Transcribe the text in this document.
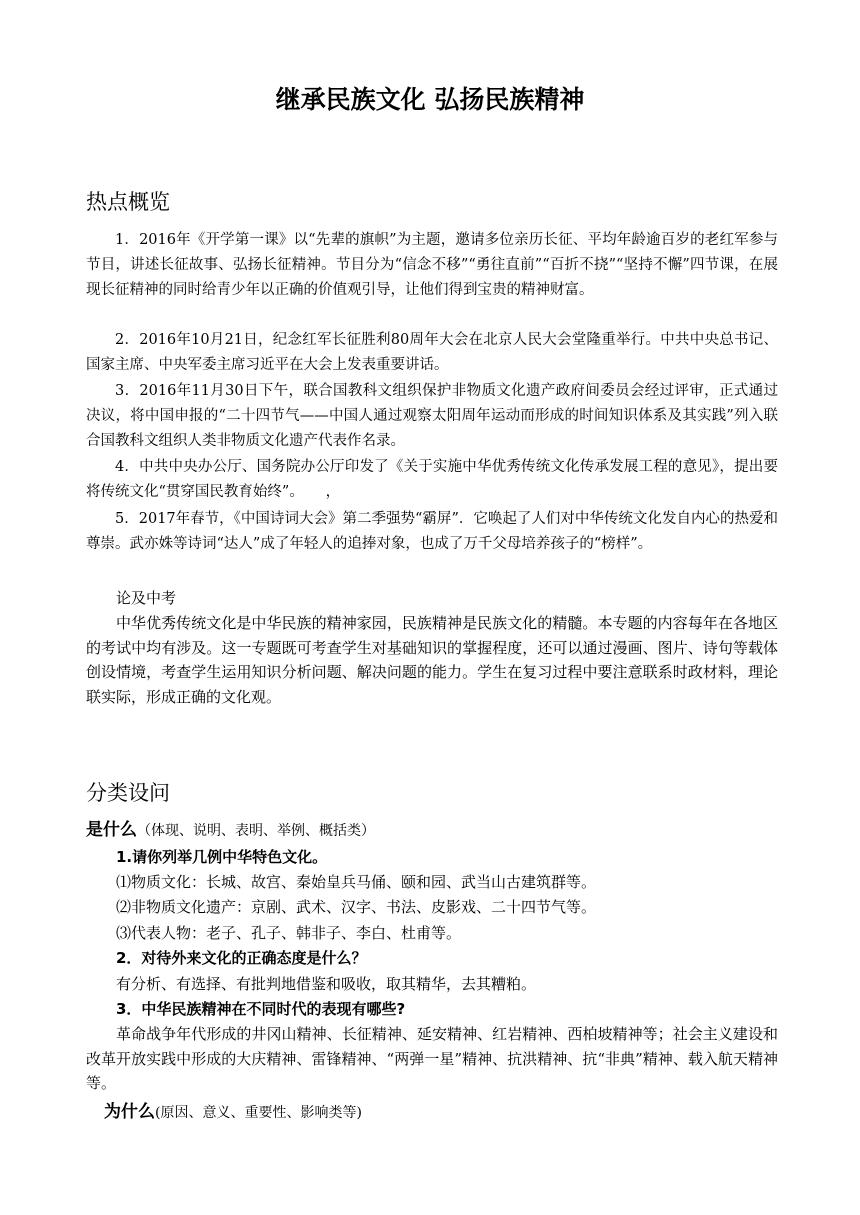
继承民族文化 弘扬民族精神
热点概览

1．2016年《开学第一课》以“先辈的旗帜”为主题，邀请多位亲历长征、平均年龄逾百岁的老红军参与节目，讲述长征故事、弘扬长征精神。节目分为“信念不移”“勇往直前”“百折不挠”“坚持不懈”四节课，在展现长征精神的同时给青少年以正确的价值观引导，让他们得到宝贵的精神财富。

2．2016年10月21日，纪念红军长征胜利80周年大会在北京人民大会堂隆重举行。中共中央总书记、国家主席、中央军委主席习近平在大会上发表重要讲话。

3．2016年11月30日下午，联合国教科文组织保护非物质文化遗产政府间委员会经过评审，正式通过决议，将中国申报的“二十四节气——中国人通过观察太阳周年运动而形成的时间知识体系及其实践”列入联合国教科文组织人类非物质文化遗产代表作名录。

4．中共中央办公厅、国务院办公厅印发了《关于实施中华优秀传统文化传承发展工程的意见》，提出要将传统文化“贯穿国民教育始终”。　　，

5．2017年春节，《中国诗词大会》第二季强势“霸屏”．它唤起了人们对中华传统文化发自内心的热爱和尊崇。武亦姝等诗词“达人”成了年轻人的追捧对象，也成了万千父母培养孩子的“榜样”。

论及中考

中华优秀传统文化是中华民族的精神家园，民族精神是民族文化的精髓。本专题的内容每年在各地区的考试中均有涉及。这一专题既可考查学生对基础知识的掌握程度，还可以通过漫画、图片、诗句等载体创设情境，考查学生运用知识分析问题、解决问题的能力。学生在复习过程中要注意联系时政材料，理论联实际，形成正确的文化观。

分类设问

是什么（体现、说明、表明、举例、概括类）

1.请你列举几例中华特色文化。

⑴物质文化：长城、故宫、秦始皇兵马俑、颐和园、武当山古建筑群等。

⑵非物质文化遗产：京剧、武术、汉字、书法、皮影戏、二十四节气等。

⑶代表人物：老子、孔子、韩非子、李白、杜甫等。

2．对待外来文化的正确态度是什么？

有分析、有选择、有批判地借鉴和吸收，取其精华，去其糟粕。

3．中华民族精神在不同时代的表现有哪些?

革命战争年代形成的井冈山精神、长征精神、延安精神、红岩精神、西柏坡精神等；社会主义建设和改革开放实践中形成的大庆精神、雷锋精神、“两弹一星”精神、抗洪精神、抗“非典”精神、载入航天精神等。

为什么(原因、意义、重要性、影响类等)
